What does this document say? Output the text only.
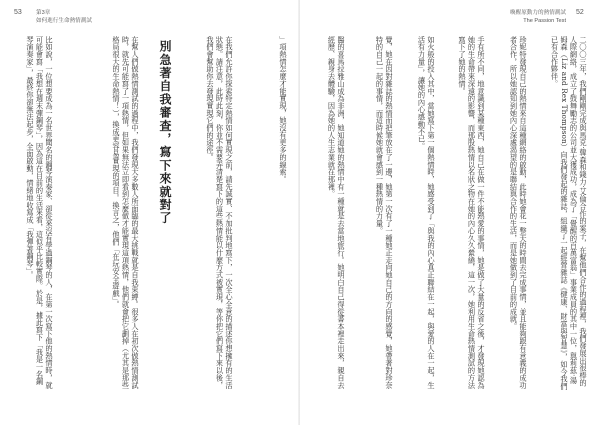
53	第3章
如何進行生命熱情測試
」項熱情怎麼才能實現，她沒有更多的線索。
在我們允許你探索特定熱情如何實現之前，請先誠實、不加批判地寫下，一次全心全意的描述你想擁有的生活狀態。請注意，此時此刻，你並不需要弄清楚寫下的這些熱情能以什麼方式被實現，等你把它們寫下來以後，我們會幫助你去發現實現它們的途徑。
別急著自我審查，寫下來就對了
在幫人們做熱情測試的過程中，我們發現大多數人所面臨的最大挑戰就是自我束縛。很多人在初次做熱情測試時，就先可能寫了一項熱情，但如果無法立即看到怎麼做才能實現這項熱情，他們就會把它劃掉（尤其是那些格局很大的生命熱情！），換成更容易實現的項目。換言之，他們「在玩安全遊戲」。
比如說，一位想要成為一名世界聞名的鋼琴演奏家、卻從來沒有學過鋼琴的人，在第一次寫下他的熱情時，就可能會寫「我想在週末彈鋼琴」，因為這在目前的生活來看，這似乎比較實際。於是，據此寫下「我是一名鋼琴演奏家」，最終你卻無法起步，全面啟動，情緒地收寫成「我彈著鋼琴」。
喚醒原動力的熱情測試
The Passion Test
52
二〇〇三年，我們剛剛完成與馬克‧韓森和錢力‧艾倫合作的案子，在幫他們合作的過程裡，我們發展出很棒的人際網絡，成立了鼓舞勵志的公司並大獲成功，成為了「覺醒的百萬富翁」事業成員的其中一位，與莉茲‧湯姆森（Liz and Rex Thompson）向我們發起的雜誌，組織了一起經營雜誌《健康、財富與智慧》，如今我們已有合作夥伴。
珍妮特發現自己的熱情來自這種網絡的啟動，此時她會花一整天的時間去完成事情，並且能夠跟有意義的成功者合作，所以她認知到她內心深處渴望的是聯結與合作的生活，而是她做到了目前的成就。
手有所不同，地意識到某種東西，她自己在做一件不能熱愛的事情，她是做了大量的反省之後，才發現她認為她的生命帶來深遠的影響，而那股熱情以名狀之物在她的內心久久縈繞，這一次，她利用生命熱情測試的方法寫下了她的熱情。
如火般的投入其中，當她寫下第一個熱情時，她感受到了「與我的內心真正聯結在一起，與愛的人在一起，生活有力量」，讓她的內心感動不已。
覺，她在因對雜誌的熱情而把筆放在了一邊，她第一次有了一種她正走向她自己的方向的感覺，她帶著對珍奈特的自己一起的事情，而這時候她就會感到一種熱情的力量。
醫的喜馬拉雅山成為非洲，她知道她的熱情中有一種就是去當地旅行。她明白自己得從書本裡走出來，親自去經歷、親身去體驗，因為她的人生志業就在那裡。
